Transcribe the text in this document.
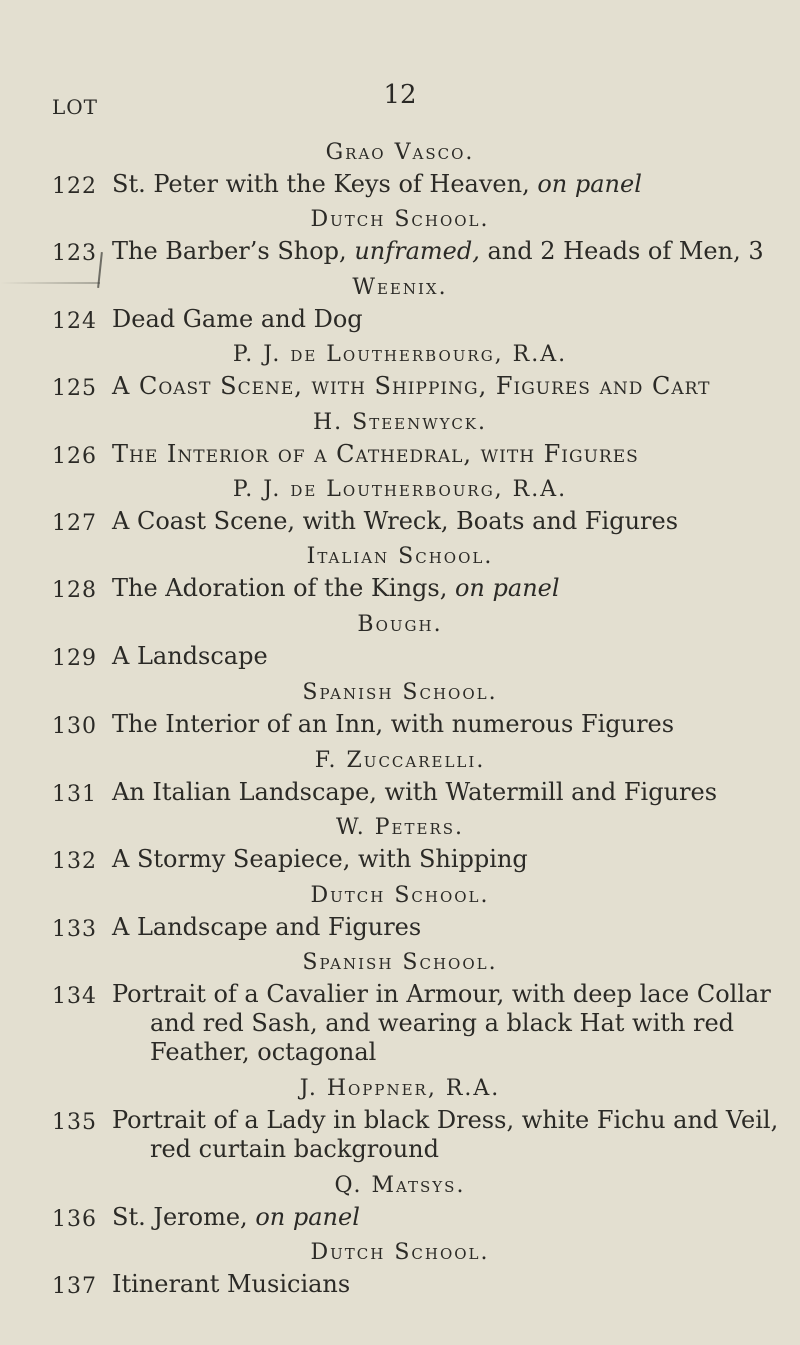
12
LOT
Grao Vasco.
122 St. Peter with the Keys of Heaven, on panel
Dutch School.
123 The Barber’s Shop, unframed, and 2 Heads of Men, 3
Weenix.
124 Dead Game and Dog
P. J. de Loutherbourg, R.A.
125 A Coast Scene, with Shipping, Figures and Cart
H. Steenwyck.
126 The Interior of a Cathedral, with Figures
P. J. de Loutherbourg, R.A.
127 A Coast Scene, with Wreck, Boats and Figures
Italian School.
128 The Adoration of the Kings, on panel
Bough.
129 A Landscape
Spanish School.
130 The Interior of an Inn, with numerous Figures
F. Zuccarelli.
131 An Italian Landscape, with Watermill and Figures
W. Peters.
132 A Stormy Seapiece, with Shipping
Dutch School.
133 A Landscape and Figures
Spanish School.
134 Portrait of a Cavalier in Armour, with deep lace Collar
and red Sash, and wearing a black Hat with red
Feather, octagonal
J. Hoppner, R.A.
135 Portrait of a Lady in black Dress, white Fichu and Veil,
red curtain background
Q. Matsys.
136 St. Jerome, on panel
Dutch School.
137 Itinerant Musicians
